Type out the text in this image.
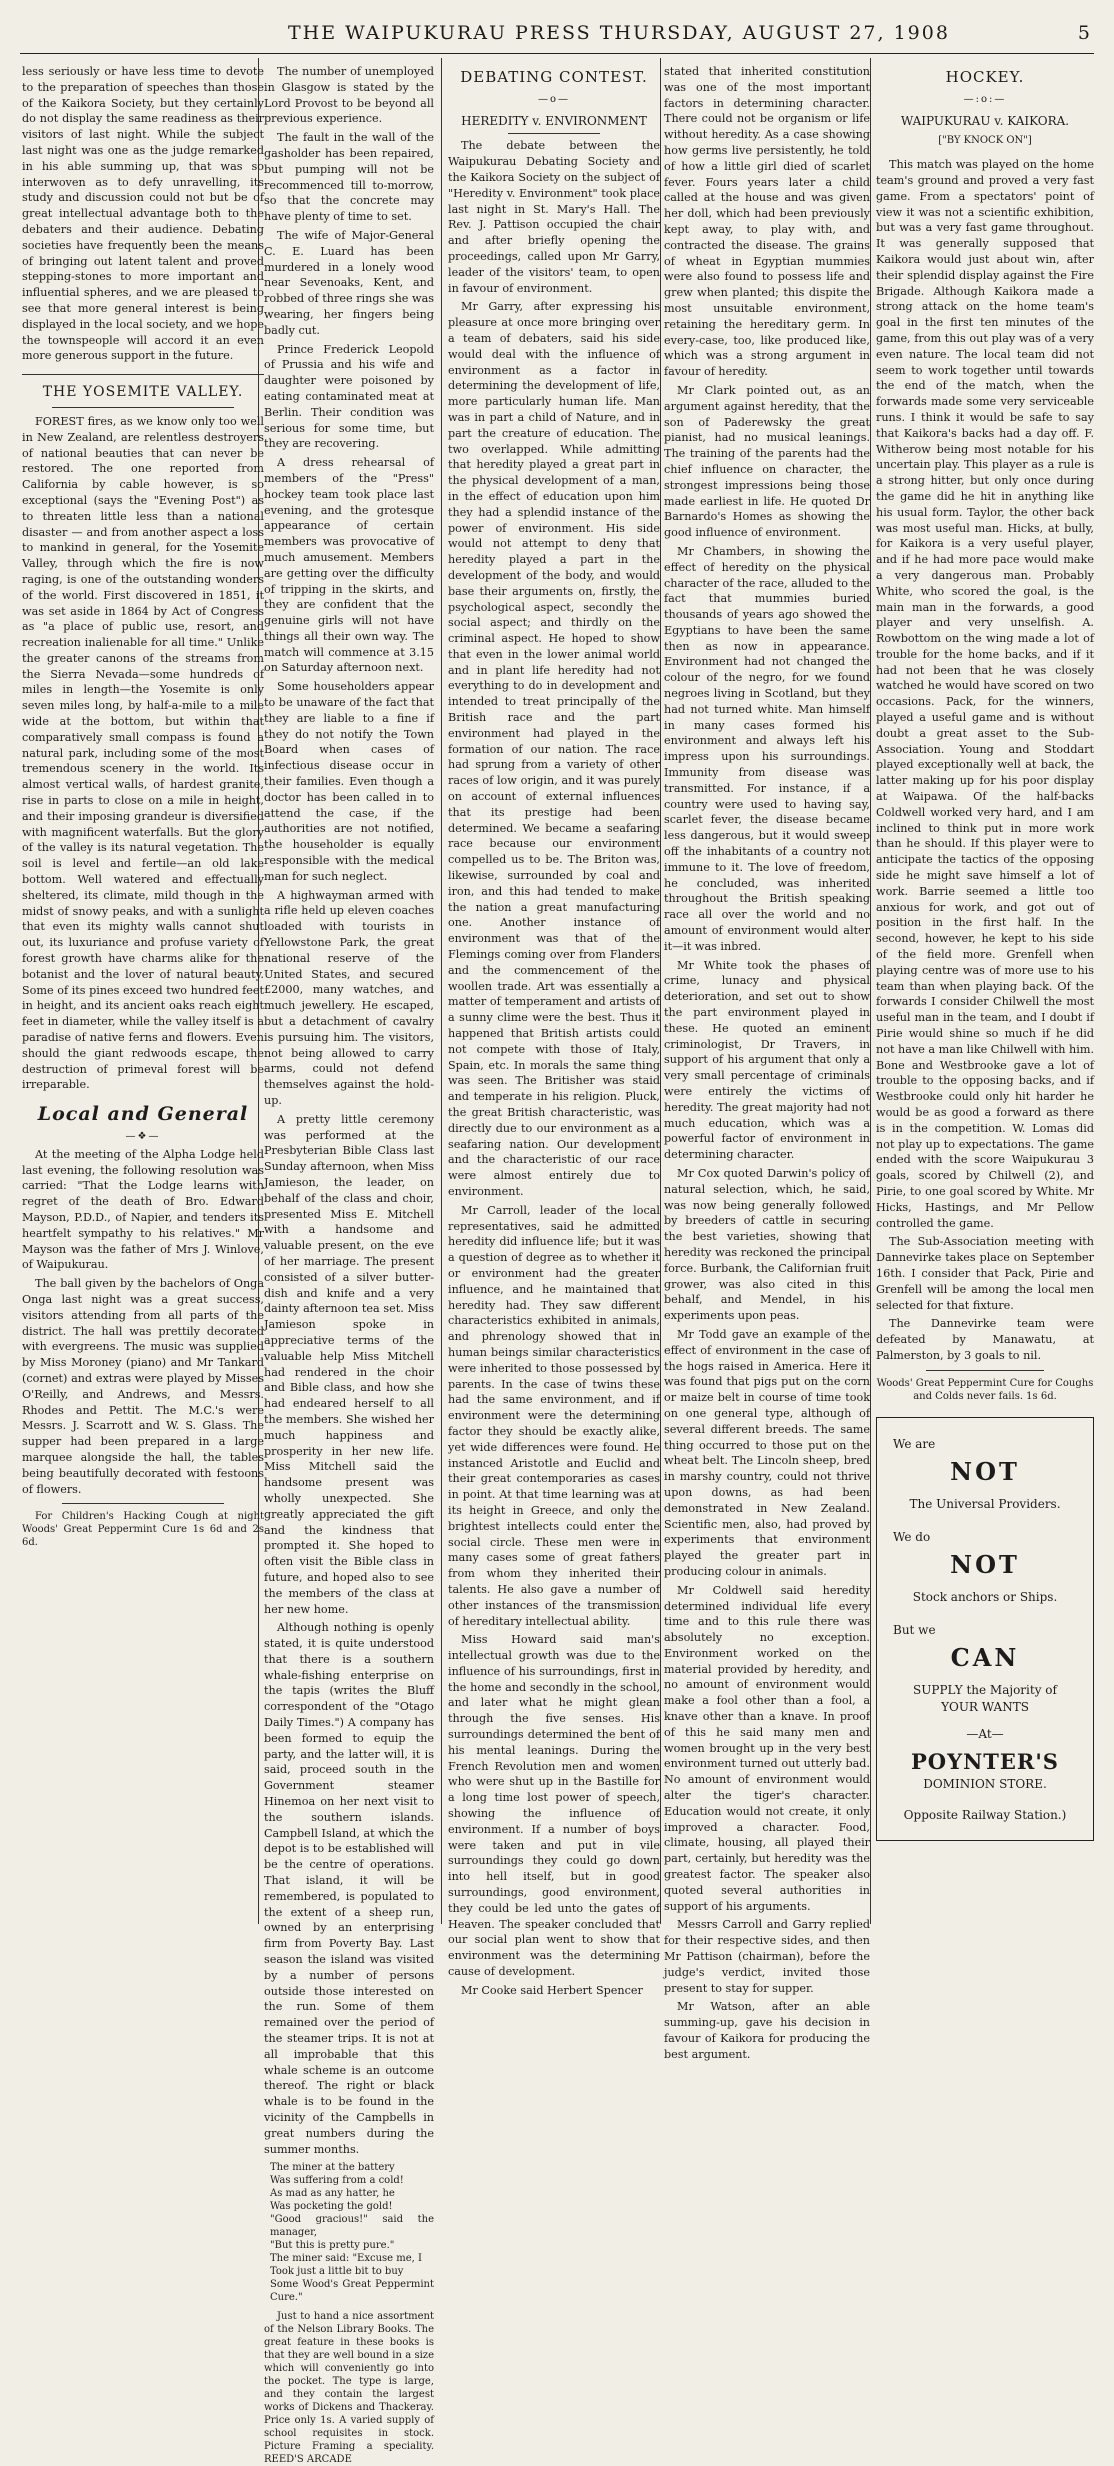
THE WAIPUKURAU PRESS THURSDAY, AUGUST 27, 1908	5

less seriously or have less time to devote to the preparation of speeches than those of the Kaikora Society, but they certainly do not display the same readiness as their visitors of last night. While the subject last night was one as the judge remarked in his able summing up, that was so interwoven as to defy unravelling, its study and discussion could not but be of great intellectual advantage both to the debaters and their audience. Debating societies have frequently been the means of bringing out latent talent and proved stepping-stones to more important and influential spheres, and we are pleased to see that more general interest is being displayed in the local society, and we hope the townspeople will accord it an even more generous support in the future.

THE YOSEMITE VALLEY.

FOREST fires, as we know only too well in New Zealand, are relentless destroyers of national beauties that can never be restored. The one reported from California by cable however, is so exceptional (says the "Evening Post") as to threaten little less than a national disaster — and from another aspect a loss to mankind in general, for the Yosemite Valley, through which the fire is now raging, is one of the outstanding wonders of the world. First discovered in 1851, it was set aside in 1864 by Act of Congress as "a place of public use, resort, and recreation inalienable for all time." Unlike the greater canons of the streams from the Sierra Nevada—some hundreds of miles in length—the Yosemite is only seven miles long, by half-a-mile to a mile wide at the bottom, but within that comparatively small compass is found a natural park, including some of the most tremendous scenery in the world. Its almost vertical walls, of hardest granite, rise in parts to close on a mile in height, and their imposing grandeur is diversified with magnificent waterfalls. But the glory of the valley is its natural vegetation. The soil is level and fertile—an old lake bottom. Well watered and effectually sheltered, its climate, mild though in the midst of snowy peaks, and with a sunlight that even its mighty walls cannot shut out, its luxuriance and profuse variety of forest growth have charms alike for the botanist and the lover of natural beauty. Some of its pines exceed two hundred feet in height, and its ancient oaks reach eight feet in diameter, while the valley itself is a paradise of native ferns and flowers. Even should the giant redwoods escape, the destruction of primeval forest will be irreparable.

Local and General
—❖—

At the meeting of the Alpha Lodge held last evening, the following resolution was carried: "That the Lodge learns with regret of the death of Bro. Edward Mayson, P.D.D., of Napier, and tenders its heartfelt sympathy to his relatives." Mr Mayson was the father of Mrs J. Winlove, of Waipukurau.

The ball given by the bachelors of Onga Onga last night was a great success, visitors attending from all parts of the district. The hall was prettily decorated with evergreens. The music was supplied by Miss Moroney (piano) and Mr Tankard (cornet) and extras were played by Misses O'Reilly, and Andrews, and Messrs. Rhodes and Pettit. The M.C.'s were Messrs. J. Scarrott and W. S. Glass. The supper had been prepared in a large marquee alongside the hall, the tables being beautifully decorated with festoons of flowers.

For Children's Hacking Cough at night Woods' Great Peppermint Cure 1s 6d and 2s 6d.

The number of unemployed in Glasgow is stated by the Lord Provost to be beyond all previous experience.

The fault in the wall of the gasholder has been repaired, but pumping will not be recommenced till to-morrow, so that the concrete may have plenty of time to set.

The wife of Major-General C. E. Luard has been murdered in a lonely wood near Sevenoaks, Kent, and robbed of three rings she was wearing, her fingers being badly cut.

Prince Frederick Leopold of Prussia and his wife and daughter were poisoned by eating contaminated meat at Berlin. Their condition was serious for some time, but they are recovering.

A dress rehearsal of members of the "Press" hockey team took place last evening, and the grotesque appearance of certain members was provocative of much amusement. Members are getting over the difficulty of tripping in the skirts, and they are confident that the genuine girls will not have things all their own way. The match will commence at 3.15 on Saturday afternoon next.

Some householders appear to be unaware of the fact that they are liable to a fine if they do not notify the Town Board when cases of infectious disease occur in their families. Even though a doctor has been called in to attend the case, if the authorities are not notified, the householder is equally responsible with the medical man for such neglect.

A highwayman armed with a rifle held up eleven coaches loaded with tourists in Yellowstone Park, the great national reserve of the United States, and secured £2000, many watches, and much jewellery. He escaped, but a detachment of cavalry is pursuing him. The visitors, not being allowed to carry arms, could not defend themselves against the hold-up.

A pretty little ceremony was performed at the Presbyterian Bible Class last Sunday afternoon, when Miss Jamieson, the leader, on behalf of the class and choir, presented Miss E. Mitchell with a handsome and valuable present, on the eve of her marriage. The present consisted of a silver butter-dish and knife and a very dainty afternoon tea set. Miss Jamieson spoke in appreciative terms of the valuable help Miss Mitchell had rendered in the choir and Bible class, and how she had endeared herself to all the members. She wished her much happiness and prosperity in her new life. Miss Mitchell said the handsome present was wholly unexpected. She greatly appreciated the gift and the kindness that prompted it. She hoped to often visit the Bible class in future, and hoped also to see the members of the class at her new home.

Although nothing is openly stated, it is quite understood that there is a southern whale-fishing enterprise on the tapis (writes the Bluff correspondent of the "Otago Daily Times.") A company has been formed to equip the party, and the latter will, it is said, proceed south in the Government steamer Hinemoa on her next visit to the southern islands. Campbell Island, at which the depot is to be established will be the centre of operations. That island, it will be remembered, is populated to the extent of a sheep run, owned by an enterprising firm from Poverty Bay. Last season the island was visited by a number of persons outside those interested on the run. Some of them remained over the period of the steamer trips. It is not at all improbable that this whale scheme is an outcome thereof. The right or black whale is to be found in the vicinity of the Campbells in great numbers during the summer months.

The miner at the battery
Was suffering from a cold!
As mad as any hatter, he
Was pocketing the gold!
"Good gracious!" said the manager,
"But this is pretty pure."
The miner said: "Excuse me, I
Took just a little bit to buy
Some Wood's Great Peppermint Cure."

Just to hand a nice assortment of the Nelson Library Books. The great feature in these books is that they are well bound in a size which will conveniently go into the pocket. The type is large, and they contain the largest works of Dickens and Thackeray. Price only 1s. A varied supply of school requisites in stock. Picture Framing a speciality. REED'S ARCADE

DEBATING CONTEST.
—o—
HEREDITY v. ENVIRONMENT

The debate between the Waipukurau Debating Society and the Kaikora Society on the subject of "Heredity v. Environment" took place last night in St. Mary's Hall. The Rev. J. Pattison occupied the chair and after briefly opening the proceedings, called upon Mr Garry, leader of the visitors' team, to open in favour of environment.

Mr Garry, after expressing his pleasure at once more bringing over a team of debaters, said his side would deal with the influence of environment as a factor in determining the development of life, more particularly human life. Man was in part a child of Nature, and in part the creature of education. The two overlapped. While admitting that heredity played a great part in the physical development of a man, in the effect of education upon him they had a splendid instance of the power of environment. His side would not attempt to deny that heredity played a part in the development of the body, and would base their arguments on, firstly, the psychological aspect, secondly the social aspect; and thirdly on the criminal aspect. He hoped to show that even in the lower animal world and in plant life heredity had not everything to do in development and intended to treat principally of the British race and the part environment had played in the formation of our nation. The race had sprung from a variety of other races of low origin, and it was purely on account of external influences that its prestige had been determined. We became a seafaring race because our environment compelled us to be. The Briton was, likewise, surrounded by coal and iron, and this had tended to make the nation a great manufacturing one. Another instance of environment was that of the Flemings coming over from Flanders and the commencement of the woollen trade. Art was essentially a matter of temperament and artists of a sunny clime were the best. Thus it happened that British artists could not compete with those of Italy, Spain, etc. In morals the same thing was seen. The Britisher was staid and temperate in his religion. Pluck, the great British characteristic, was directly due to our environment as a seafaring nation. Our development and the characteristic of our race were almost entirely due to environment.

Mr Carroll, leader of the local representatives, said he admitted heredity did influence life; but it was a question of degree as to whether it or environment had the greater influence, and he maintained that heredity had. They saw different characteristics exhibited in animals, and phrenology showed that in human beings similar characteristics were inherited to those possessed by parents. In the case of twins these had the same environment, and if environment were the determining factor they should be exactly alike, yet wide differences were found. He instanced Aristotle and Euclid and their great contemporaries as cases in point. At that time learning was at its height in Greece, and only the brightest intellects could enter the social circle. These men were in many cases some of great fathers from whom they inherited their talents. He also gave a number of other instances of the transmission of hereditary intellectual ability.

Miss Howard said man's intellectual growth was due to the influence of his surroundings, first in the home and secondly in the school, and later what he might glean through the five senses. His surroundings determined the bent of his mental leanings. During the French Revolution men and women who were shut up in the Bastille for a long time lost power of speech, showing the influence of environment. If a number of boys were taken and put in vile surroundings they could go down into hell itself, but in good surroundings, good environment, they could be led unto the gates of Heaven. The speaker concluded that our social plan went to show that environment was the determining cause of development.

Mr Cooke said Herbert Spencer

stated that inherited constitution was one of the most important factors in determining character. There could not be organism or life without heredity. As a case showing how germs live persistently, he told of how a little girl died of scarlet fever. Fours years later a child called at the house and was given her doll, which had been previously kept away, to play with, and contracted the disease. The grains of wheat in Egyptian mummies were also found to possess life and grew when planted; this dispite the most unsuitable environment, retaining the hereditary germ. In every-case, too, like produced like, which was a strong argument in favour of heredity.

Mr Clark pointed out, as an argument against heredity, that the son of Paderewsky the great pianist, had no musical leanings. The training of the parents had the chief influence on character, the strongest impressions being those made earliest in life. He quoted Dr Barnardo's Homes as showing the good influence of environment.

Mr Chambers, in showing the effect of heredity on the physical character of the race, alluded to the fact that mummies buried thousands of years ago showed the Egyptians to have been the same then as now in appearance. Environment had not changed the colour of the negro, for we found negroes living in Scotland, but they had not turned white. Man himself in many cases formed his environment and always left his impress upon his surroundings. Immunity from disease was transmitted. For instance, if a country were used to having say, scarlet fever, the disease became less dangerous, but it would sweep off the inhabitants of a country not immune to it. The love of freedom, he concluded, was inherited throughout the British speaking race all over the world and no amount of environment would alter it—it was inbred.

Mr White took the phases of crime, lunacy and physical deterioration, and set out to show the part environment played in these. He quoted an eminent criminologist, Dr Travers, in support of his argument that only a very small percentage of criminals were entirely the victims of heredity. The great majority had not much education, which was a powerful factor of environment in determining character.

Mr Cox quoted Darwin's policy of natural selection, which, he said, was now being generally followed by breeders of cattle in securing the best varieties, showing that heredity was reckoned the principal force. Burbank, the Californian fruit grower, was also cited in this behalf, and Mendel, in his experiments upon peas.

Mr Todd gave an example of the effect of environment in the case of the hogs raised in America. Here it was found that pigs put on the corn or maize belt in course of time took on one general type, although of several different breeds. The same thing occurred to those put on the wheat belt. The Lincoln sheep, bred in marshy country, could not thrive upon downs, as had been demonstrated in New Zealand. Scientific men, also, had proved by experiments that environment played the greater part in producing colour in animals.

Mr Coldwell said heredity determined individual life every time and to this rule there was absolutely no exception. Environment worked on the material provided by heredity, and no amount of environment would make a fool other than a fool, a knave other than a knave. In proof of this he said many men and women brought up in the very best environment turned out utterly bad. No amount of environment would alter the tiger's character. Education would not create, it only improved a character. Food, climate, housing, all played their part, certainly, but heredity was the greatest factor. The speaker also quoted several authorities in support of his arguments.

Messrs Carroll and Garry replied for their respective sides, and then Mr Pattison (chairman), before the judge's verdict, invited those present to stay for supper.

Mr Watson, after an able summing-up, gave his decision in favour of Kaikora for producing the best argument.

HOCKEY.
—:o:—
WAIPUKURAU v. KAIKORA.
["BY KNOCK ON"]

This match was played on the home team's ground and proved a very fast game. From a spectators' point of view it was not a scientific exhibition, but was a very fast game throughout. It was generally supposed that Kaikora would just about win, after their splendid display against the Fire Brigade. Although Kaikora made a strong attack on the home team's goal in the first ten minutes of the game, from this out play was of a very even nature. The local team did not seem to work together until towards the end of the match, when the forwards made some very serviceable runs. I think it would be safe to say that Kaikora's backs had a day off. F. Witherow being most notable for his uncertain play. This player as a rule is a strong hitter, but only once during the game did he hit in anything like his usual form. Taylor, the other back was most useful man. Hicks, at bully, for Kaikora is a very useful player, and if he had more pace would make a very dangerous man. Probably White, who scored the goal, is the main man in the forwards, a good player and very unselfish. A. Rowbottom on the wing made a lot of trouble for the home backs, and if it had not been that he was closely watched he would have scored on two occasions. Pack, for the winners, played a useful game and is without doubt a great asset to the Sub-Association. Young and Stoddart played exceptionally well at back, the latter making up for his poor display at Waipawa. Of the half-backs Coldwell worked very hard, and I am inclined to think put in more work than he should. If this player were to anticipate the tactics of the opposing side he might save himself a lot of work. Barrie seemed a little too anxious for work, and got out of position in the first half. In the second, however, he kept to his side of the field more. Grenfell when playing centre was of more use to his team than when playing back. Of the forwards I consider Chilwell the most useful man in the team, and I doubt if Pirie would shine so much if he did not have a man like Chilwell with him. Bone and Westbrooke gave a lot of trouble to the opposing backs, and if Westbrooke could only hit harder he would be as good a forward as there is in the competition. W. Lomas did not play up to expectations. The game ended with the score Waipukurau 3 goals, scored by Chilwell (2), and Pirie, to one goal scored by White. Mr Hicks, Hastings, and Mr Pellow controlled the game.

The Sub-Association meeting with Dannevirke takes place on September 16th. I consider that Pack, Pirie and Grenfell will be among the local men selected for that fixture.

The Dannevirke team were defeated by Manawatu, at Palmerston, by 3 goals to nil.

Woods' Great Peppermint Cure for Coughs and Colds never fails. 1s 6d.

We are
NOT
The Universal Providers.
We do
NOT
Stock anchors or Ships.
But we
CAN
SUPPLY the Majority of YOUR WANTS
—At—
POYNTER'S
DOMINION STORE.
Opposite Railway Station.)
